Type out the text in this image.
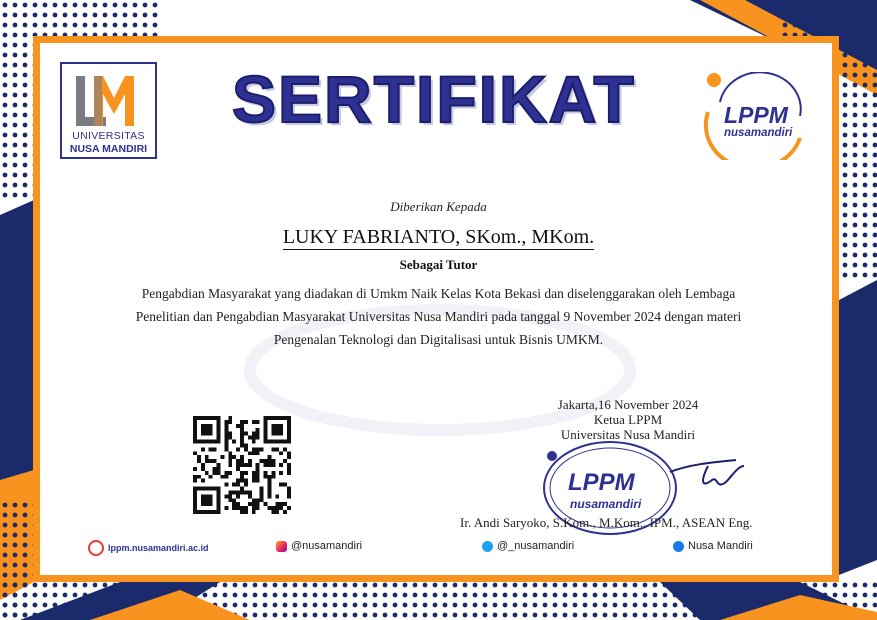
UNIVERSITAS
NUSA MANDIRI
SERTIFIKAT	LPPM
nusamandiri
Diberikan Kepada
LUKY FABRIANTO, SKom., MKom.
Sebagai Tutor
Pengabdian Masyarakat yang diadakan di Umkm Naik Kelas Kota Bekasi dan diselenggarakan oleh Lembaga
Penelitian dan Pengabdian Masyarakat Universitas Nusa Mandiri pada tanggal 9 November 2024 dengan materi
Pengenalan Teknologi dan Digitalisasi untuk Bisnis UMKM.
Jakarta,16 November 2024
Ketua LPPM
Universitas Nusa Mandiri
LPPM
nusamandiri
Ir. Andi Saryoko, S.Kom., M.Kom., IPM., ASEAN Eng.
lppm.nusamandiri.ac.id	@nusamandiri	@_nusamandiri	Nusa Mandiri
